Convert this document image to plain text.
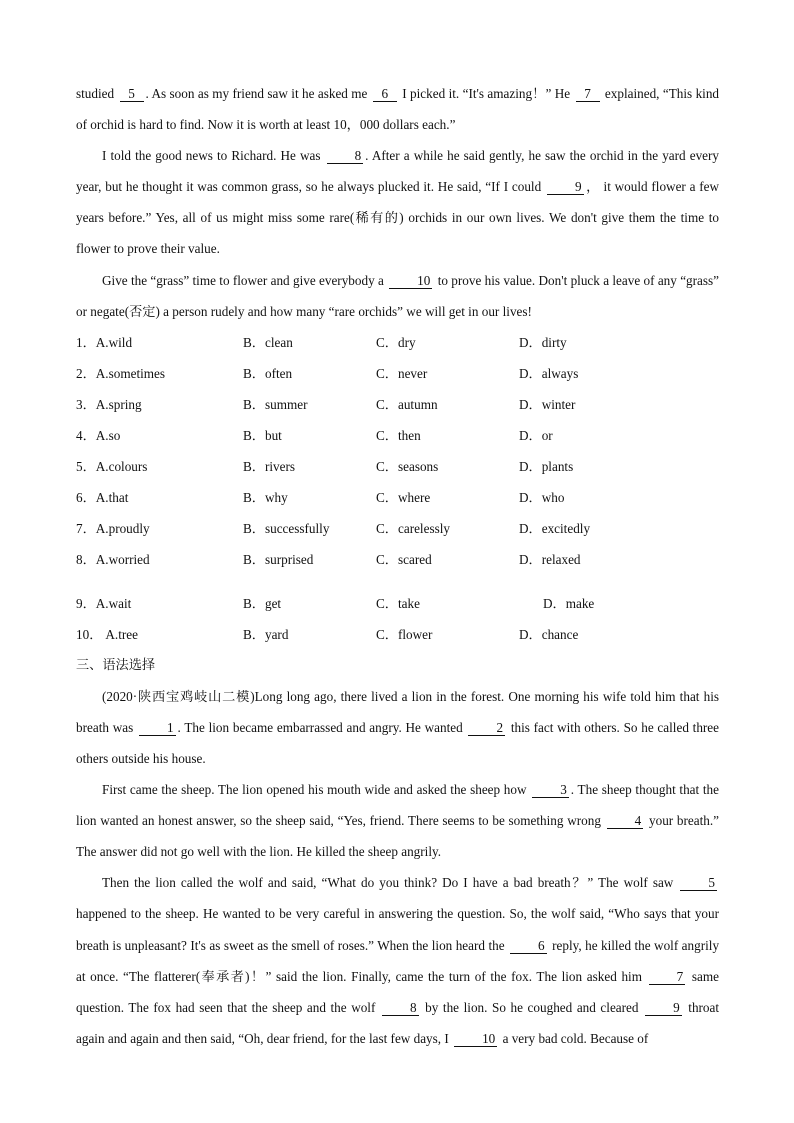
studied 5 . As soon as my friend saw it he asked me 6 I picked it. “It's amazing！” He 7 explained, “This kind of orchid is hard to find. Now it is worth at least 10，000 dollars each.”

I told the good news to Richard. He was	8 . After a while he said gently, he saw the orchid in the yard every year, but he thought it was common grass, so he always plucked it. He said, “If I could	9 ， it would flower a few years before.” Yes, all of us might miss some rare(稀有的) orchids in our own lives. We don't give them the time to flower to prove their value.

Give the “grass” time to flower and give everybody a	10 to prove his value. Don't pluck a leave of any “grass” or negate(否定) a person rudely and how many “rare orchids” we will get in our lives!

1．A.wild	B．clean	C．dry	D．dirty
2．A.sometimes	B．often	C．never	D．always
3．A.spring	B．summer	C．autumn	D．winter
4．A.so	B．but	C．then	D．or
5．A.colours	B．rivers	C．seasons	D．plants
6．A.that	B．why	C．where	D．who
7．A.proudly	B．successfully	C．carelessly	D．excitedly
8．A.worried	B．surprised	C．scared	D．relaxed
9．A.wait	B．get	C．take	D．make
10． A.tree	B．yard	C．flower	D．chance

三、语法选择

(2020·陕西宝鸡岐山二模)Long long ago, there lived a lion in the forest. One morning his wife told him that his breath was	1 . The lion became embarrassed and angry. He wanted	2 this fact with others. So he called three others outside his house.

First came the sheep. The lion opened his mouth wide and asked the sheep how	3 . The sheep thought that the lion wanted an honest answer, so the sheep said, “Yes, friend. There seems to be something wrong	4 your breath.” The answer did not go well with the lion. He killed the sheep angrily.

Then the lion called the wolf and said, “What do you think? Do I have a bad breath？” The wolf saw	5 happened to the sheep. He wanted to be very careful in answering the question. So, the wolf said, “Who says that your breath is unpleasant? It's as sweet as the smell of roses.” When the lion heard the	6 reply, he killed the wolf angrily at once. “The flatterer(奉承者)！” said the lion. Finally, came the turn of the fox. The lion asked him	7 same question. The fox had seen that the sheep and the wolf	8 by the lion. So he coughed and cleared	9 throat again and again and then said, “Oh, dear friend, for the last few days, I	10 a very bad cold. Because of
